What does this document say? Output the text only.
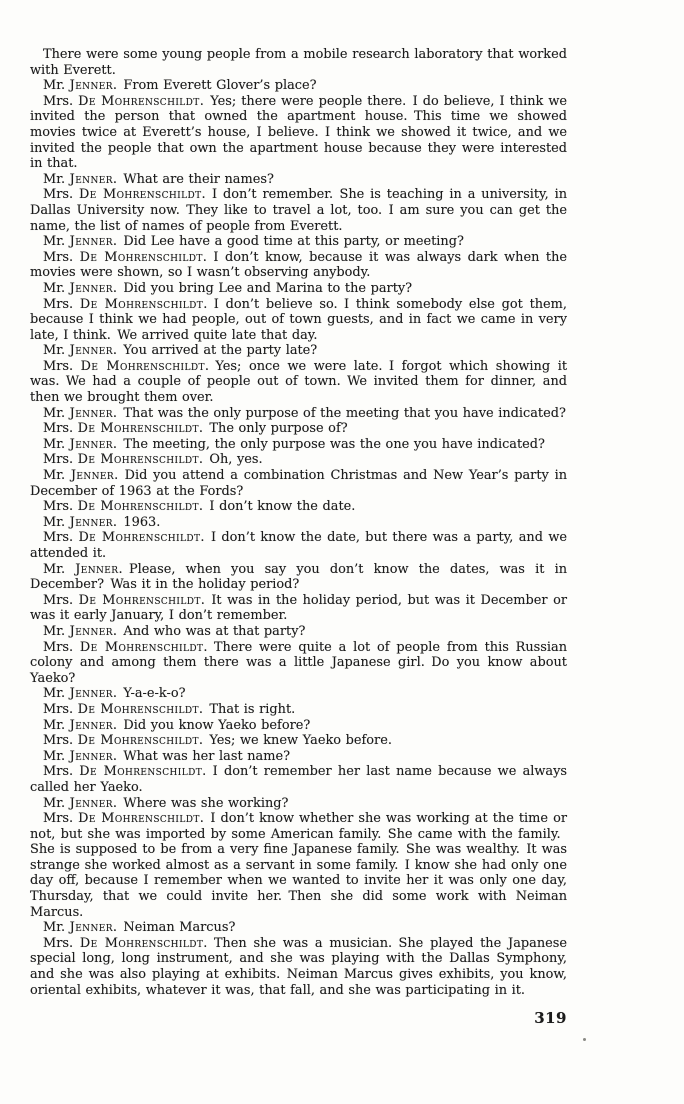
There were some young people from a mobile research laboratory that worked with Everett.

Mr. Jenner. From Everett Glover’s place?

Mrs. De Mohrenschildt. Yes; there were people there. I do believe, I think we invited the person that owned the apartment house. This time we showed movies twice at Everett’s house, I believe. I think we showed it twice, and we invited the people that own the apartment house because they were interested in that.

Mr. Jenner. What are their names?

Mrs. De Mohrenschildt. I don’t remember. She is teaching in a university, in Dallas University now. They like to travel a lot, too. I am sure you can get the name, the list of names of people from Everett.

Mr. Jenner. Did Lee have a good time at this party, or meeting?

Mrs. De Mohrenschildt. I don’t know, because it was always dark when the movies were shown, so I wasn’t observing anybody.

Mr. Jenner. Did you bring Lee and Marina to the party?

Mrs. De Mohrenschildt. I don’t believe so. I think somebody else got them, because I think we had people, out of town guests, and in fact we came in very late, I think. We arrived quite late that day.

Mr. Jenner. You arrived at the party late?

Mrs. De Mohrenschildt. Yes; once we were late. I forgot which showing it was. We had a couple of people out of town. We invited them for dinner, and then we brought them over.

Mr. Jenner. That was the only purpose of the meeting that you have indicated?

Mrs. De Mohrenschildt. The only purpose of?

Mr. Jenner. The meeting, the only purpose was the one you have indicated?

Mrs. De Mohrenschildt. Oh, yes.

Mr. Jenner. Did you attend a combination Christmas and New Year’s party in December of 1963 at the Fords?

Mrs. De Mohrenschildt. I don’t know the date.

Mr. Jenner. 1963.

Mrs. De Mohrenschildt. I don’t know the date, but there was a party, and we attended it.

Mr. Jenner. Please, when you say you don’t know the dates, was it in December? Was it in the holiday period?

Mrs. De Mohrenschildt. It was in the holiday period, but was it December or was it early January, I don’t remember.

Mr. Jenner. And who was at that party?

Mrs. De Mohrenschildt. There were quite a lot of people from this Russian colony and among them there was a little Japanese girl. Do you know about Yaeko?

Mr. Jenner. Y-a-e-k-o?

Mrs. De Mohrenschildt. That is right.

Mr. Jenner. Did you know Yaeko before?

Mrs. De Mohrenschildt. Yes; we knew Yaeko before.

Mr. Jenner. What was her last name?

Mrs. De Mohrenschildt. I don’t remember her last name because we always called her Yaeko.

Mr. Jenner. Where was she working?

Mrs. De Mohrenschildt. I don’t know whether she was working at the time or not, but she was imported by some American family. She came with the family. She is supposed to be from a very fine Japanese family. She was wealthy. It was strange she worked almost as a servant in some family. I know she had only one day off, because I remember when we wanted to invite her it was only one day, Thursday, that we could invite her. Then she did some work with Neiman Marcus.

Mr. Jenner. Neiman Marcus?

Mrs. De Mohrenschildt. Then she was a musician. She played the Japanese special long, long instrument, and she was playing with the Dallas Symphony, and she was also playing at exhibits. Neiman Marcus gives exhibits, you know, oriental exhibits, whatever it was, that fall, and she was participating in it.

319
